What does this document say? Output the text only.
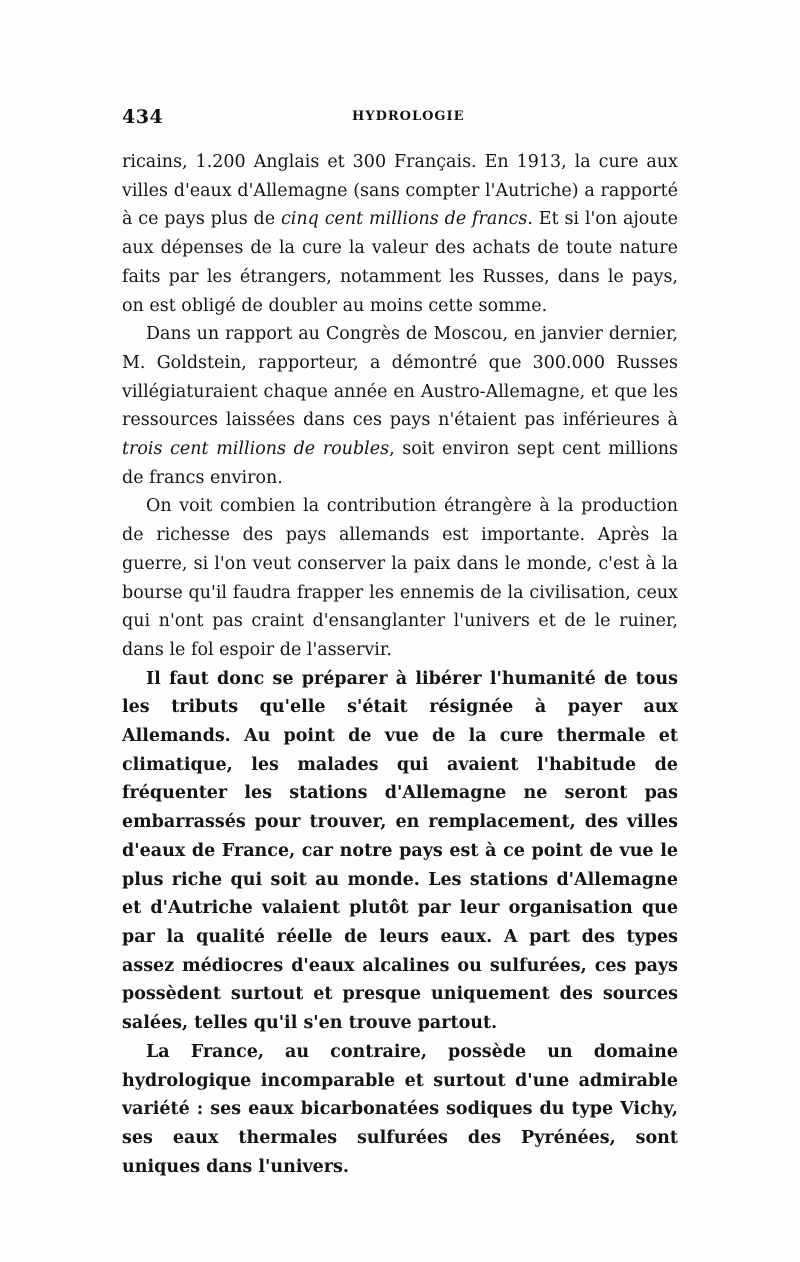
434	HYDROLOGIE

ricains, 1.200 Anglais et 300 Français. En 1913, la cure aux villes d'eaux d'Allemagne (sans compter l'Autriche) a rapporté à ce pays plus de cinq cent millions de francs. Et si l'on ajoute aux dépenses de la cure la valeur des achats de toute nature faits par les étrangers, notamment les Russes, dans le pays, on est obligé de doubler au moins cette somme.

Dans un rapport au Congrès de Moscou, en janvier dernier, M. Goldstein, rapporteur, a démontré que 300.000 Russes villégiaturaient chaque année en Austro-Allemagne, et que les ressources laissées dans ces pays n'étaient pas inférieures à trois cent millions de roubles, soit environ sept cent millions de francs environ.

On voit combien la contribution étrangère à la production de richesse des pays allemands est importante. Après la guerre, si l'on veut conserver la paix dans le monde, c'est à la bourse qu'il faudra frapper les ennemis de la civilisation, ceux qui n'ont pas craint d'ensanglanter l'univers et de le ruiner, dans le fol espoir de l'asservir.

Il faut donc se préparer à libérer l'humanité de tous les tributs qu'elle s'était résignée à payer aux Allemands. Au point de vue de la cure thermale et climatique, les malades qui avaient l'habitude de fréquenter les stations d'Allemagne ne seront pas embarrassés pour trouver, en remplacement, des villes d'eaux de France, car notre pays est à ce point de vue le plus riche qui soit au monde. Les stations d'Allemagne et d'Autriche valaient plutôt par leur organisation que par la qualité réelle de leurs eaux. A part des types assez médiocres d'eaux alcalines ou sulfurées, ces pays possèdent surtout et presque uniquement des sources salées, telles qu'il s'en trouve partout.

La France, au contraire, possède un domaine hydrologique incomparable et surtout d'une admirable variété : ses eaux bicarbonatées sodiques du type Vichy, ses eaux thermales sulfurées des Pyrénées, sont uniques dans l'univers.
